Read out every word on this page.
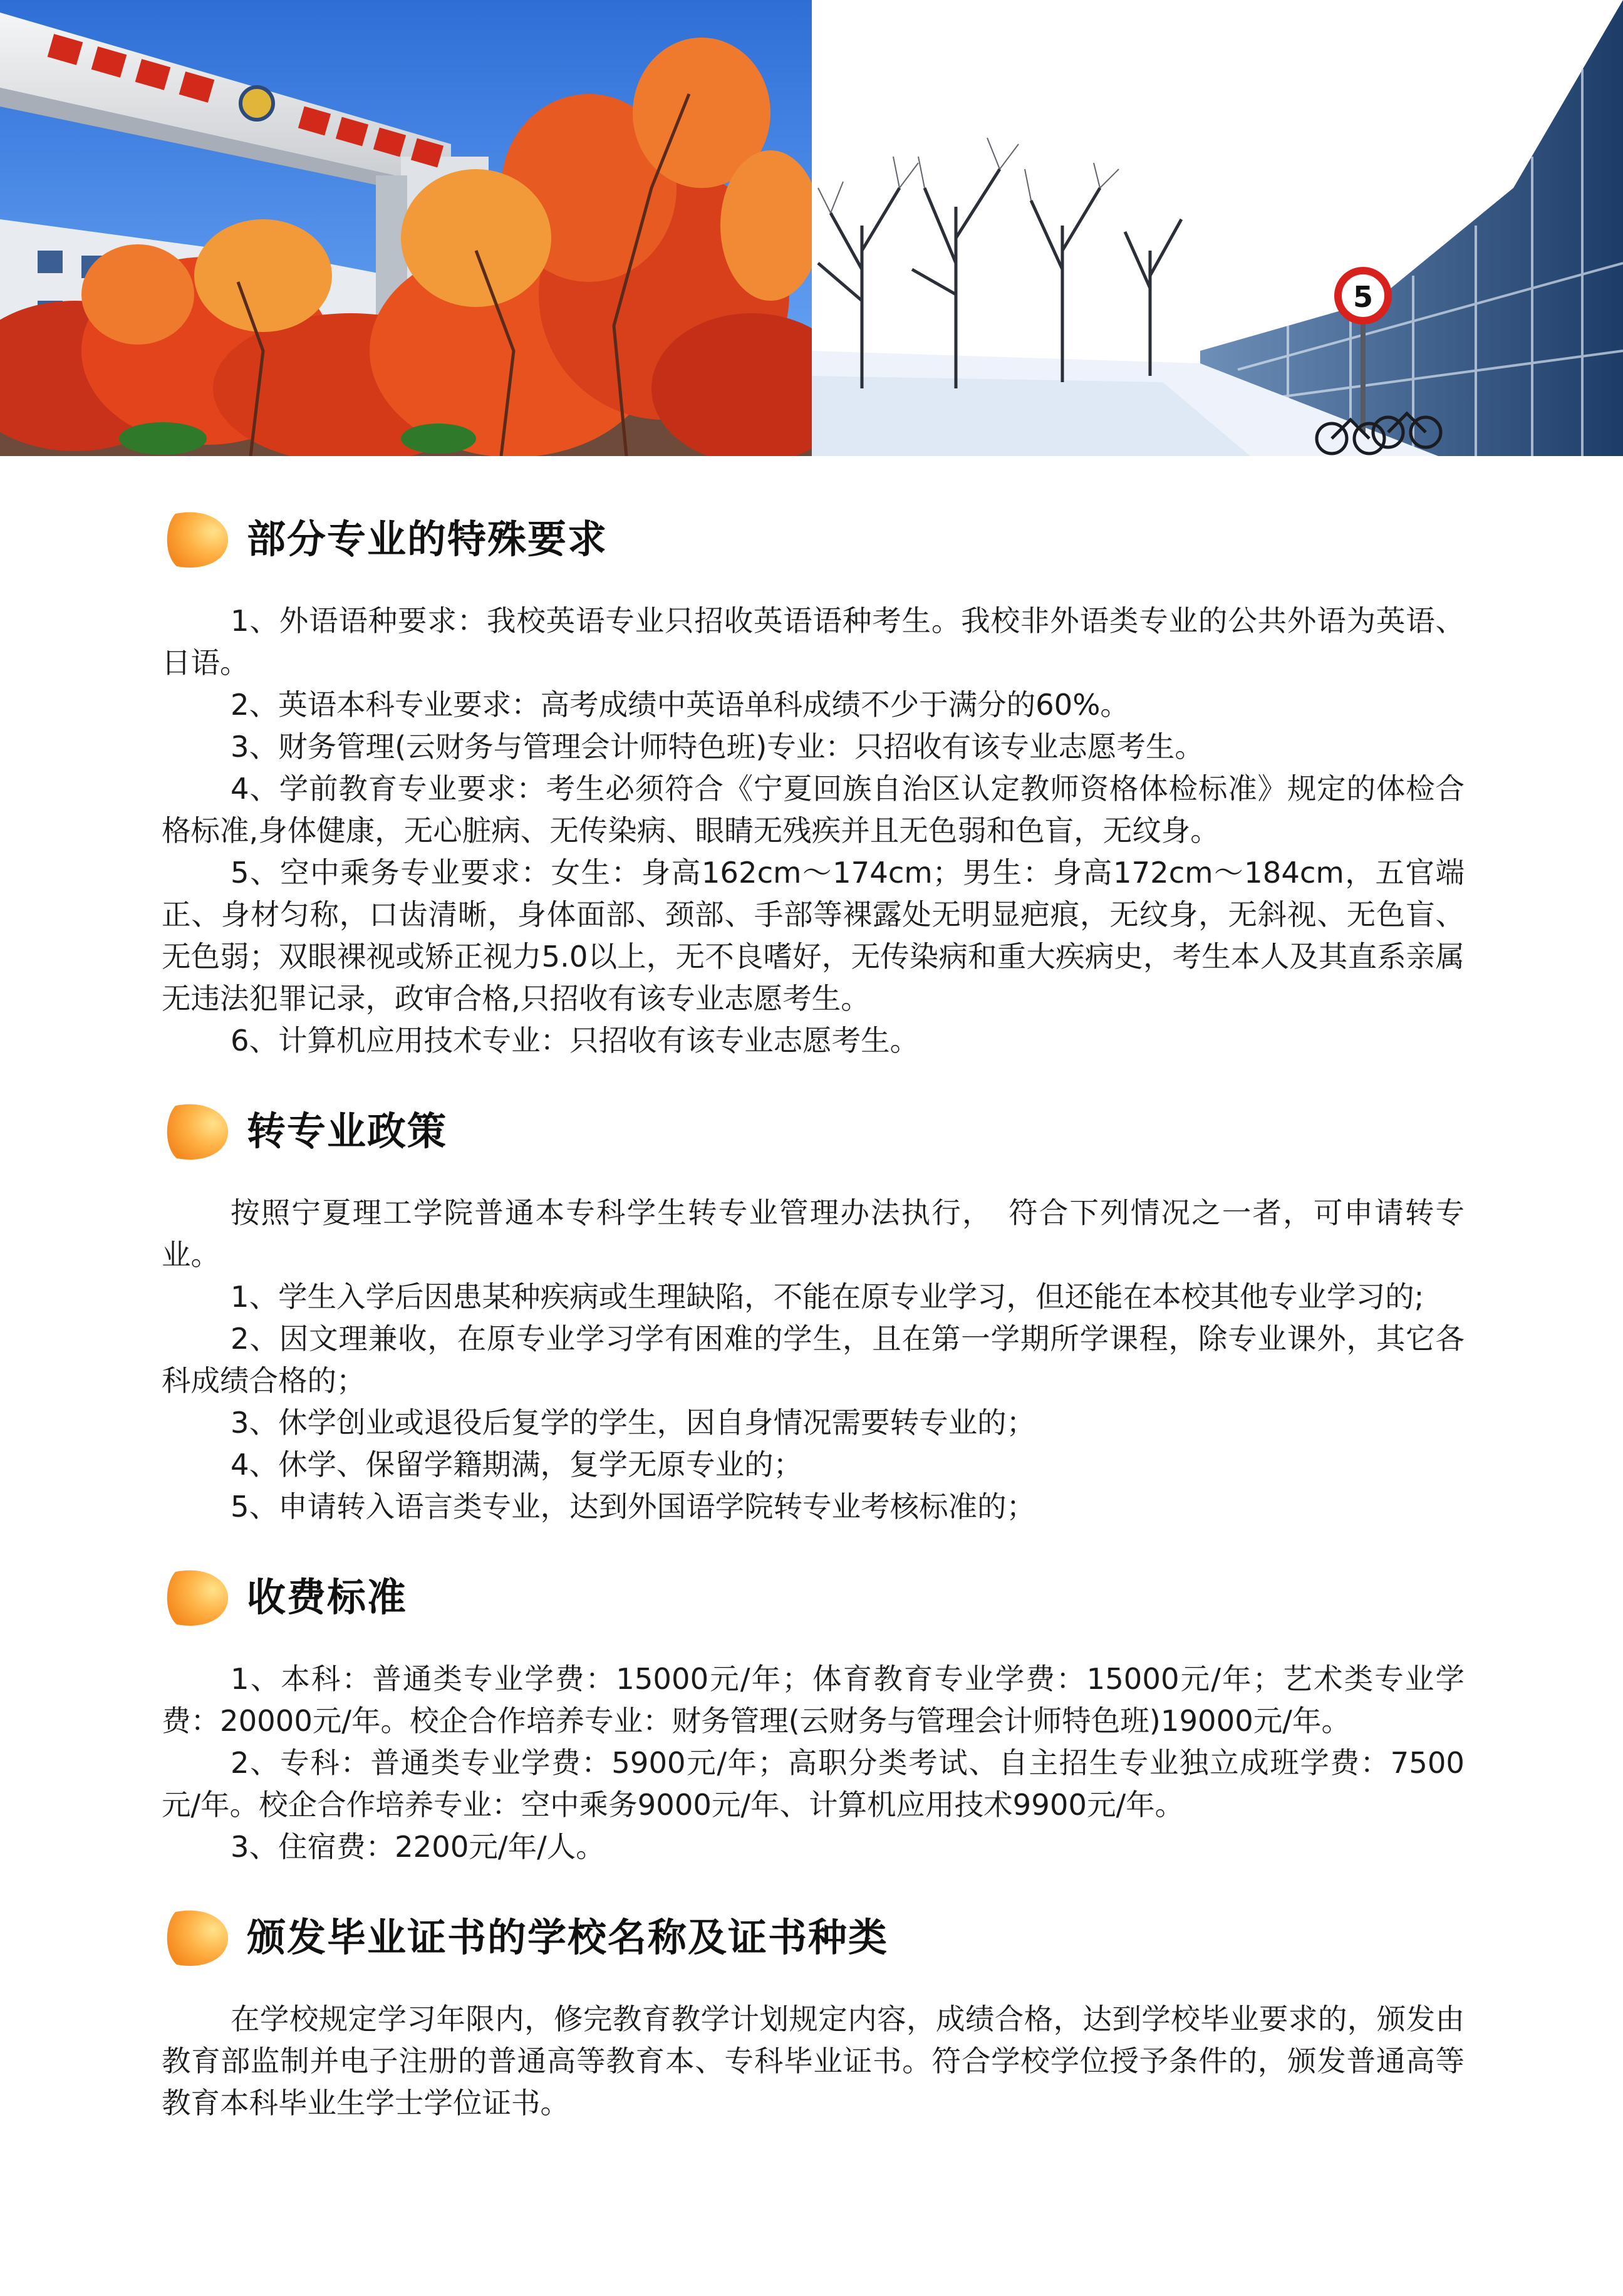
5
部分专业的特殊要求

1、外语语种要求：我校英语专业只招收英语语种考生。我校非外语类专业的公共外语为英语、日语。

2、英语本科专业要求：高考成绩中英语单科成绩不少于满分的60%。

3、财务管理(云财务与管理会计师特色班)专业：只招收有该专业志愿考生。

4、学前教育专业要求：考生必须符合《宁夏回族自治区认定教师资格体检标准》规定的体检合格标准,身体健康，无心脏病、无传染病、眼睛无残疾并且无色弱和色盲，无纹身。

5、空中乘务专业要求：女生：身高162cm～174cm；男生：身高172cm～184cm，五官端正、身材匀称，口齿清晰，身体面部、颈部、手部等裸露处无明显疤痕，无纹身，无斜视、无色盲、无色弱；双眼裸视或矫正视力5.0以上，无不良嗜好，无传染病和重大疾病史，考生本人及其直系亲属无违法犯罪记录，政审合格,只招收有该专业志愿考生。

6、计算机应用技术专业：只招收有该专业志愿考生。

转专业政策

按照宁夏理工学院普通本专科学生转专业管理办法执行，　符合下列情况之一者，可申请转专业。

1、学生入学后因患某种疾病或生理缺陷，不能在原专业学习，但还能在本校其他专业学习的;

2、因文理兼收，在原专业学习学有困难的学生，且在第一学期所学课程，除专业课外，其它各科成绩合格的；

3、休学创业或退役后复学的学生，因自身情况需要转专业的；

4、休学、保留学籍期满，复学无原专业的；

5、申请转入语言类专业，达到外国语学院转专业考核标准的；

收费标准

1、本科：普通类专业学费：15000元/年；体育教育专业学费：15000元/年；艺术类专业学费：20000元/年。校企合作培养专业：财务管理(云财务与管理会计师特色班)19000元/年。

2、专科：普通类专业学费：5900元/年；高职分类考试、自主招生专业独立成班学费：7500元/年。校企合作培养专业：空中乘务9000元/年、计算机应用技术9900元/年。

3、住宿费：2200元/年/人。

颁发毕业证书的学校名称及证书种类

在学校规定学习年限内，修完教育教学计划规定内容，成绩合格，达到学校毕业要求的，颁发由教育部监制并电子注册的普通高等教育本、专科毕业证书。符合学校学位授予条件的，颁发普通高等教育本科毕业生学士学位证书。
